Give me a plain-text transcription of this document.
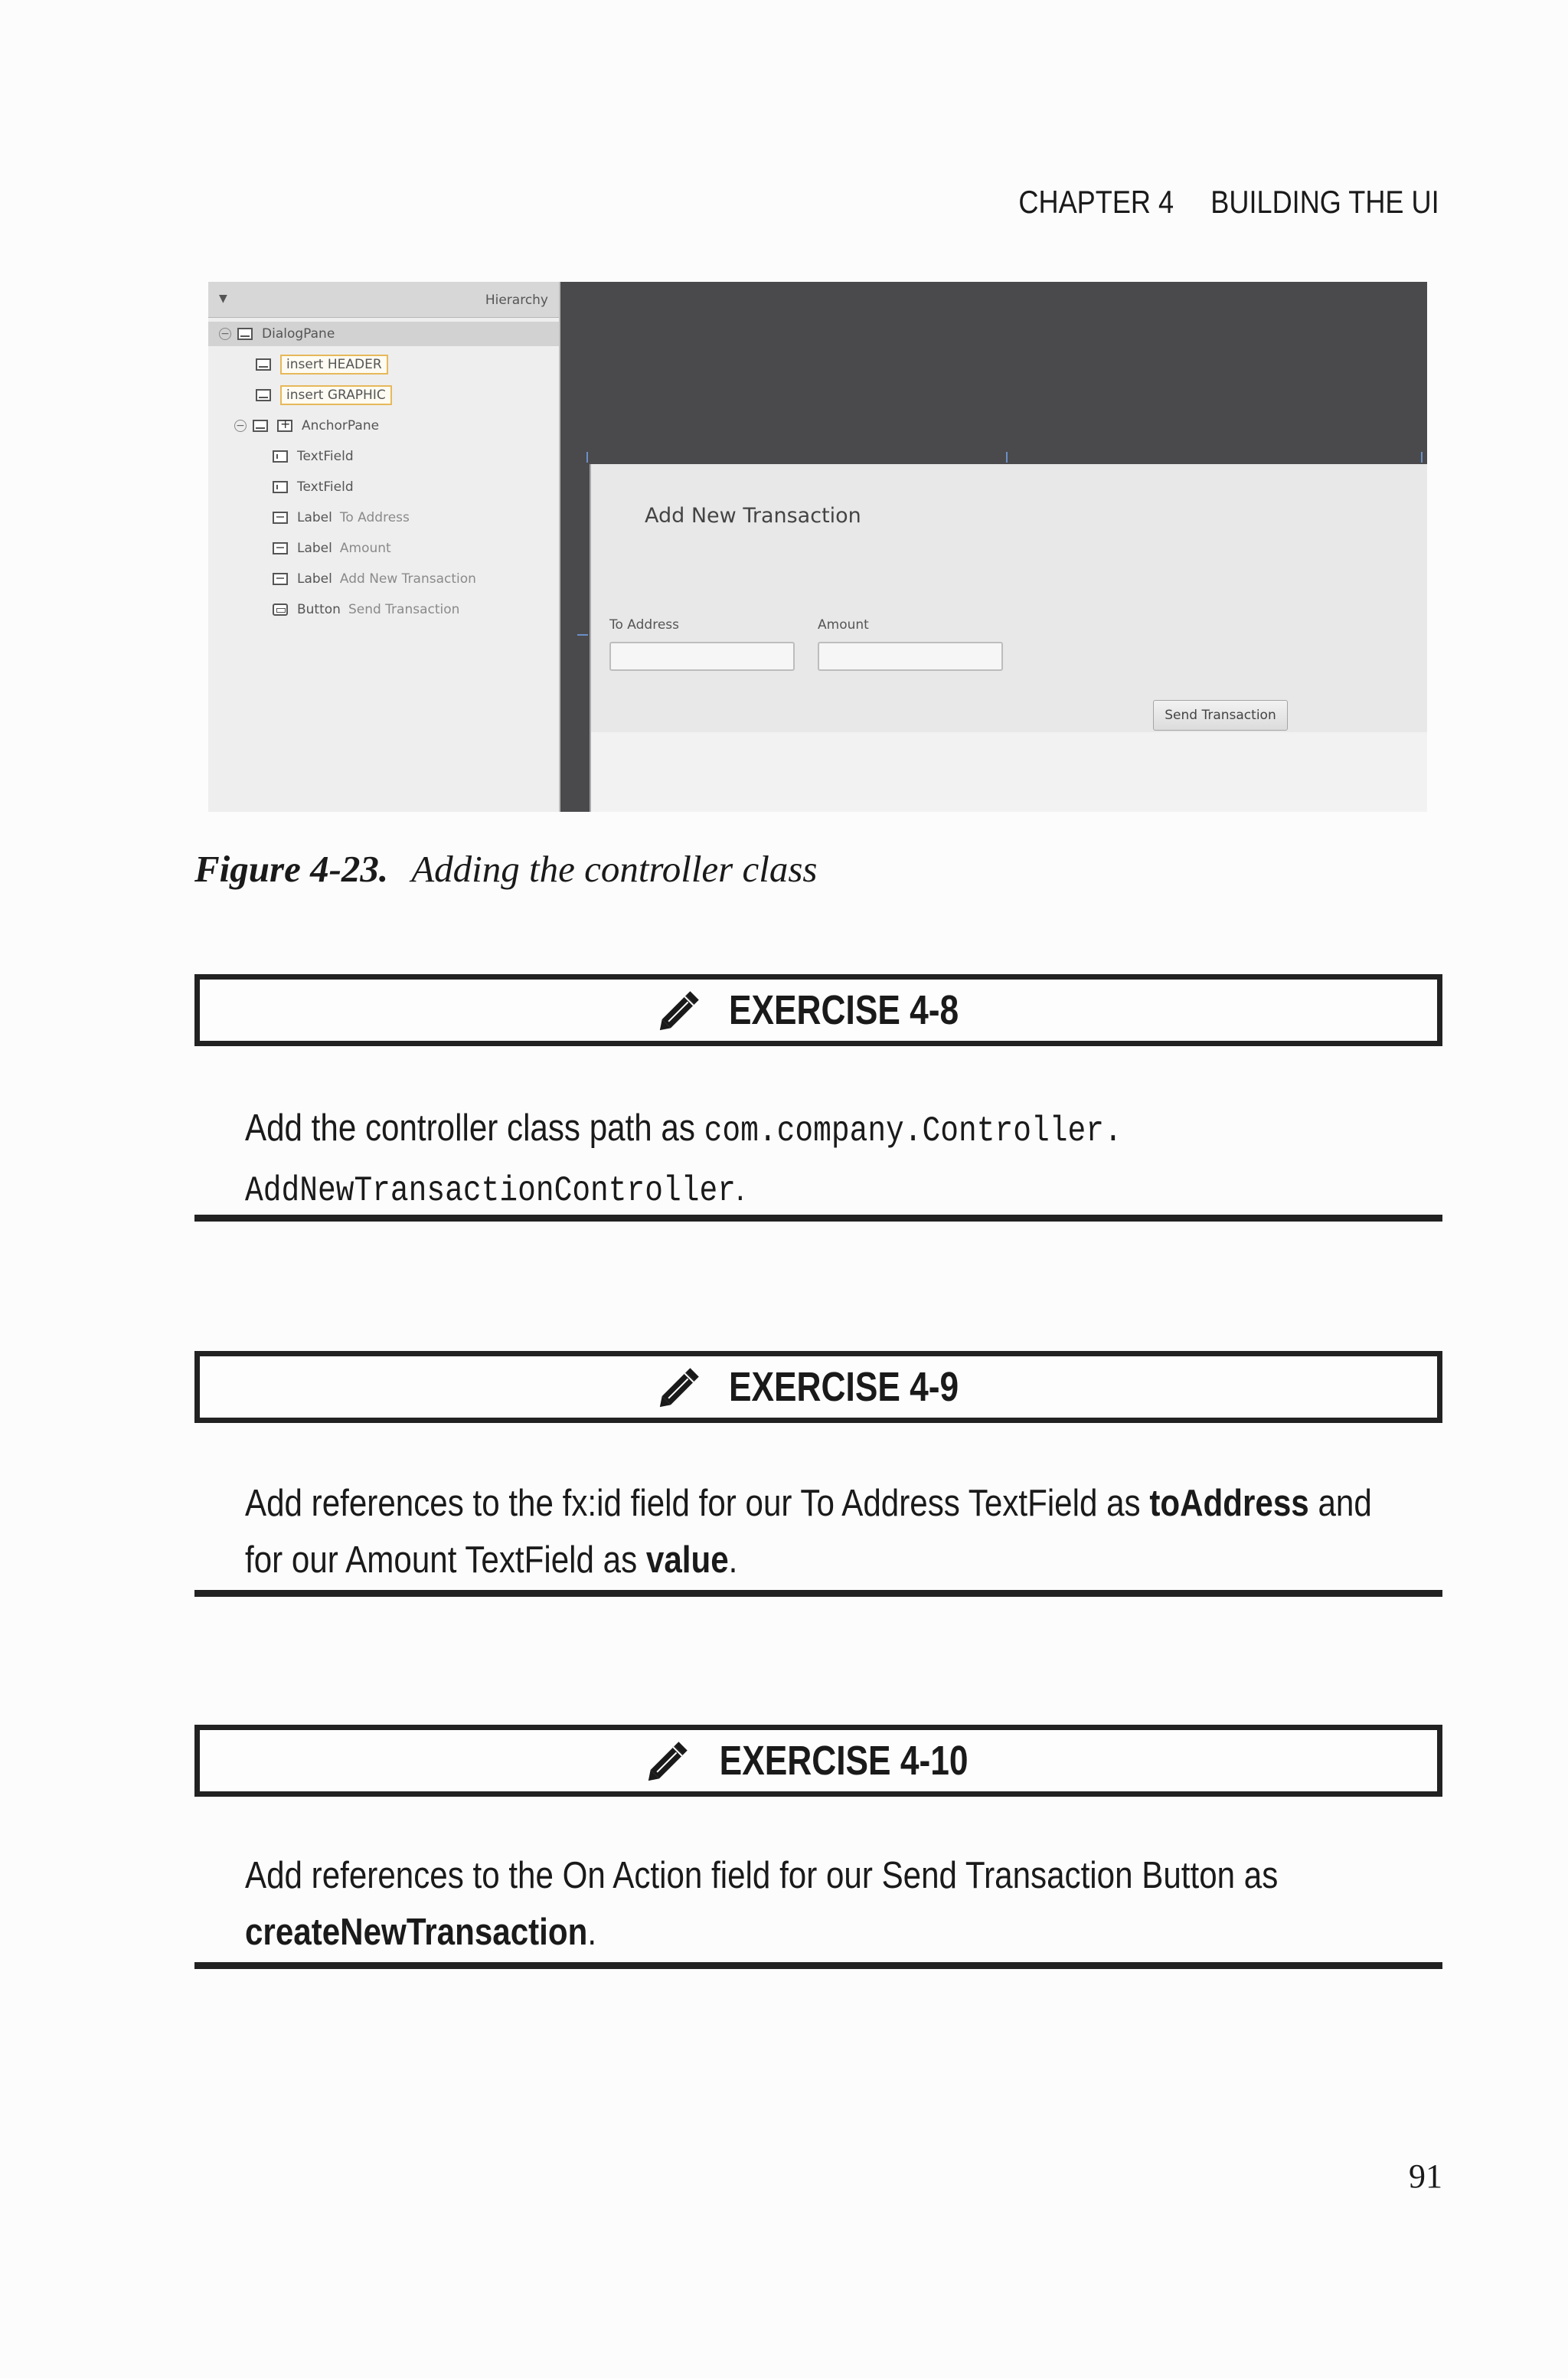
CHAPTER 4 BUILDING THE UI
▼	Hierarchy
− DialogPane
insert HEADER
insert GRAPHIC
−
+	AnchorPane
TextField
TextField
Label To Address
Label Amount
Label Add New Transaction
Button Send Transaction
Add New Transaction
To Address	Amount
Send Transaction
Figure 4-23. Adding the controller class
EXERCISE 4-8
Add the controller class path as com.company.Controller.
AddNewTransactionController.
EXERCISE 4-9
Add references to the fx:id field for our To Address TextField as toAddress and
for our Amount TextField as value.
EXERCISE 4-10
Add references to the On Action field for our Send Transaction Button as
createNewTransaction.
91
